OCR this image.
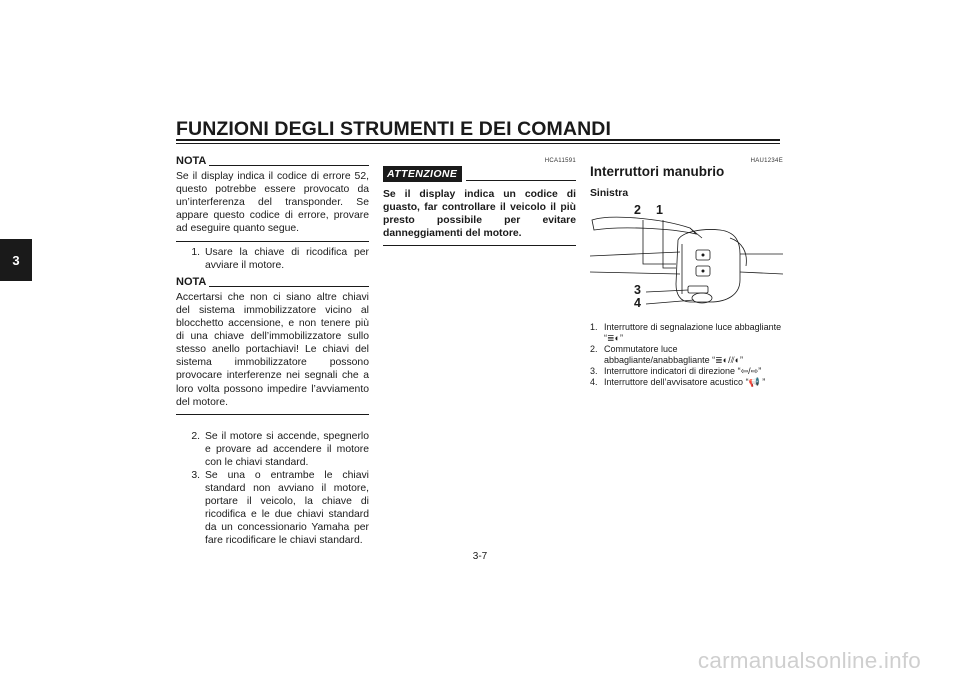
FUNZIONI DEGLI STRUMENTI E DEI COMANDI
3
NOTA

Se il display indica il codice di errore 52, questo potrebbe essere provocato da un’interferenza del transponder. Se appare questo codice di errore, provare ad eseguire quanto segue.

1. Usare la chiave di ricodifica per avviare il motore.
NOTA

Accertarsi che non ci siano altre chiavi del sistema immobilizzatore vicino al blocchetto accensione, e non tenere più di una chiave dell’immobilizzatore sullo stesso anello portachiavi! Le chiavi del sistema immobilizzatore possono provocare interferenze nei segnali che a loro volta possono impedire l’avviamento del motore.

2. Se il motore si accende, spegnerlo e provare ad accendere il motore con le chiavi standard.
3. Se una o entrambe le chiavi standard non avviano il motore, portare il veicolo, la chiave di ricodifica e le due chiavi standard da un concessionario Yamaha per fare ricodificare le chiavi standard.
HCA11591
ATTENZIONE

Se il display indica un codice di guasto, far controllare il veicolo il più presto possibile per evitare danneggiamenti del motore.

HAU1234E
Interruttori manubrio
Sinistra
2 1
3
4
1. Interruttore di segnalazione luce abbagliante “≣◐”
2. Commutatore luce abbagliante/anabbagliante “≣◐/⫽◐”
3. Interruttore indicatori di direzione “⇦/⇨”
4. Interruttore dell’avvisatore acustico “📢 ”
3-7
carmanualsonline.info
